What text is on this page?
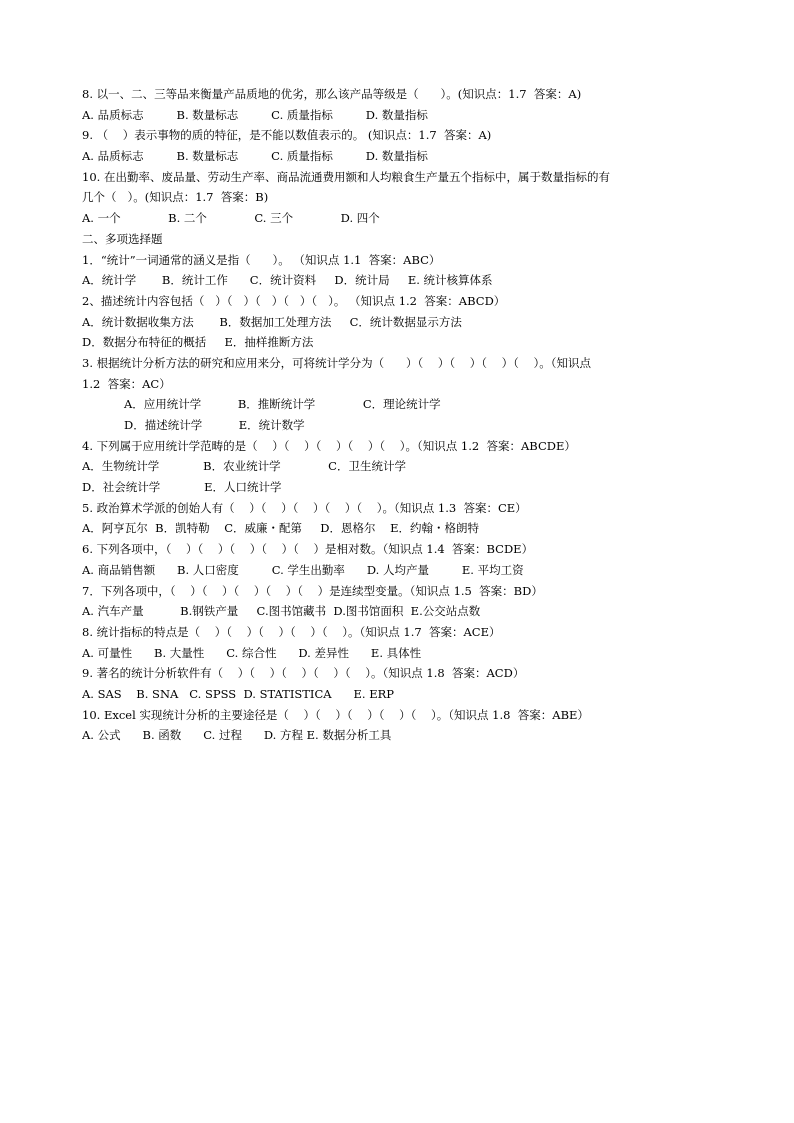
8. 以一、二、三等品来衡量产品质地的优劣，那么该产品等级是（      ）。(知识点：1.7  答案：A)
A. 品质标志         B. 数量标志         C. 质量指标         D. 数量指标
9. （    ）表示事物的质的特征，是不能以数值表示的。 (知识点：1.7  答案：A)
A. 品质标志         B. 数量标志         C. 质量指标         D. 数量指标
10. 在出勤率、废品量、劳动生产率、商品流通费用额和人均粮食生产量五个指标中，属于数量指标的有
几个（   ）。(知识点：1.7  答案：B)
A. 一个             B. 二个             C. 三个             D. 四个
二、多项选择题
1．“统计”一词通常的涵义是指（      ）。 （知识点 1.1  答案：ABC）
A．统计学       B．统计工作      C．统计资料     D．统计局     E. 统计核算体系
2、描述统计内容包括（   ）（   ）（   ）（   ）（   ）。 （知识点 1.2  答案：ABCD）
A．统计数据收集方法       B．数据加工处理方法     C．统计数据显示方法
D．数据分布特征的概括     E．抽样推断方法
3. 根据统计分析方法的研究和应用来分，可将统计学分为（      ）（    ）（    ）（    ）（    ）。（知识点
1.2  答案：AC）
A．应用统计学          B．推断统计学             C．理论统计学
D．描述统计学          E．统计数学
4. 下列属于应用统计学范畴的是（    ）（    ）（    ）（    ）（    ）。（知识点 1.2  答案：ABCDE）
A．生物统计学            B．农业统计学             C．卫生统计学
D．社会统计学            E．人口统计学
5. 政治算术学派的创始人有（    ）（    ）（    ）（    ）（    ）。（知识点 1.3  答案：CE）
A．阿亨瓦尔  B．凯特勒    C．威廉・配第     D．恩格尔    E．约翰・格朗特
6. 下列各项中，（    ）（    ）（    ）（    ）（    ）是相对数。（知识点 1.4  答案：BCDE）
A. 商品销售额      B. 人口密度         C. 学生出勤率      D. 人均产量         E. 平均工资
7．下列各项中，（    ）（    ）（    ）（    ）（    ）是连续型变量。（知识点 1.5  答案：BD）
A. 汽车产量          B.钢铁产量     C.图书馆藏书  D.图书馆面积  E.公交站点数
8. 统计指标的特点是（    ）（    ）（    ）（    ）（    ）。（知识点 1.7  答案：ACE）
A. 可量性      B. 大量性      C. 综合性      D. 差异性      E. 具体性
9. 著名的统计分析软件有（    ）（    ）（    ）（    ）（    ）。（知识点 1.8  答案：ACD）
A. SAS    B. SNA   C. SPSS  D. STATISTICA      E. ERP
10. Excel 实现统计分析的主要途径是（    ）（    ）（    ）（    ）（    ）。（知识点 1.8  答案：ABE）
A. 公式      B. 函数      C. 过程      D. 方程 E. 数据分析工具
